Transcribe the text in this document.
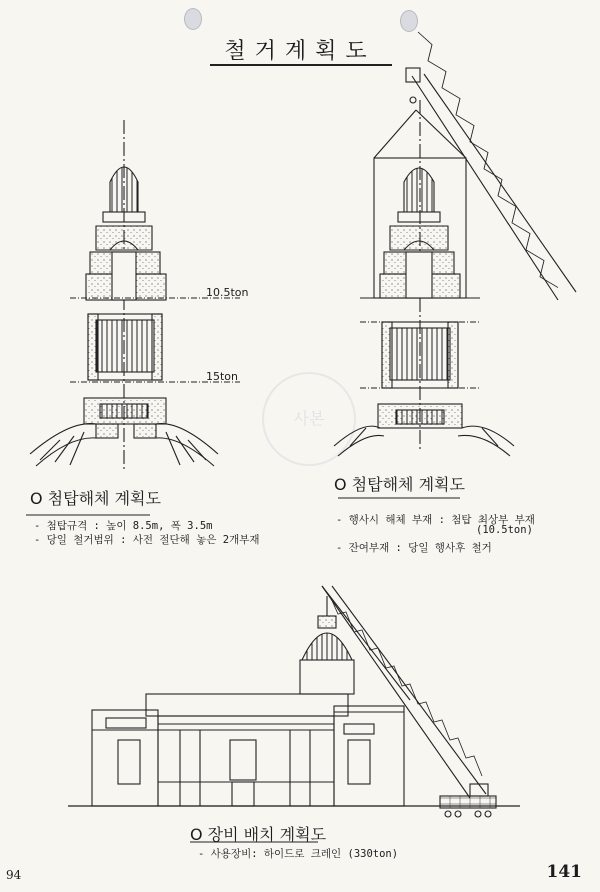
철거계획도
사본
10.5ton
15ton
O 첨탑해체 계획도
- 첨탑규격 : 높이 8.5m, 폭 3.5m
- 당일 철거범위 : 사전 절단해 놓은 2개부재
O 첨탑해체 계획도
- 행사시 해체 부재 : 첨탑 최상부 부재
(10.5ton)
- 잔여부재 : 당일 행사후 철거
O 장비 배치 계획도
- 사용장비: 하이드로 크레인 (330ton)
94	141
